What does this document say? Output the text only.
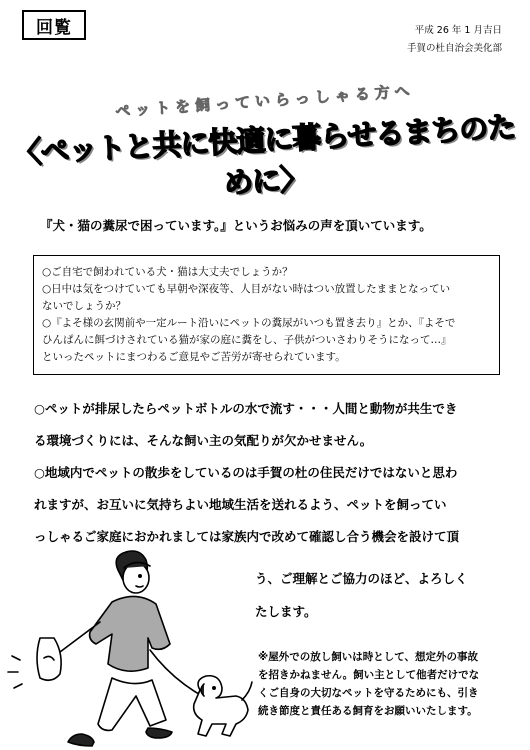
回覧	平成 26 年 1 月吉日
手賀の杜自治会美化部
ペットを飼っていらっしゃる方へ
〈ペットと共に快適に暮らせるまちのために〉
『犬・猫の糞尿で困っています。』というお悩みの声を頂いています。

○ご自宅で飼われている犬・猫は大丈夫でしょうか？

○日中は気をつけていても早朝や深夜等、人目がない時はつい放置したままとなってい

ないでしょうか？

○『よそ様の玄関前や一定ルート沿いにペットの糞尿がいつも置き去り』とか、『よそで

ひんぱんに餌づけされている猫が家の庭に糞をし、子供がついさわりそうになって…』

といったペットにまつわるご意見やご苦労が寄せられています。

○ペットが排尿したらペットボトルの水で流す・・・人間と動物が共生でき

る環境づくりには、そんな飼い主の気配りが欠かせません。

○地域内でペットの散歩をしているのは手賀の杜の住民だけではないと思わ

れますが、お互いに気持ちよい地域生活を送れるよう、ペットを飼ってい

っしゃるご家庭におかれましては家族内で改めて確認し合う機会を設けて頂

う、ご理解とご協力のほど、よろしく
たします。
※屋外での放し飼いは時として、想定外の事故
を招きかねません。飼い主として他者だけでな
くご自身の大切なペットを守るためにも、引き
続き節度と責任ある飼育をお願いいたします。
